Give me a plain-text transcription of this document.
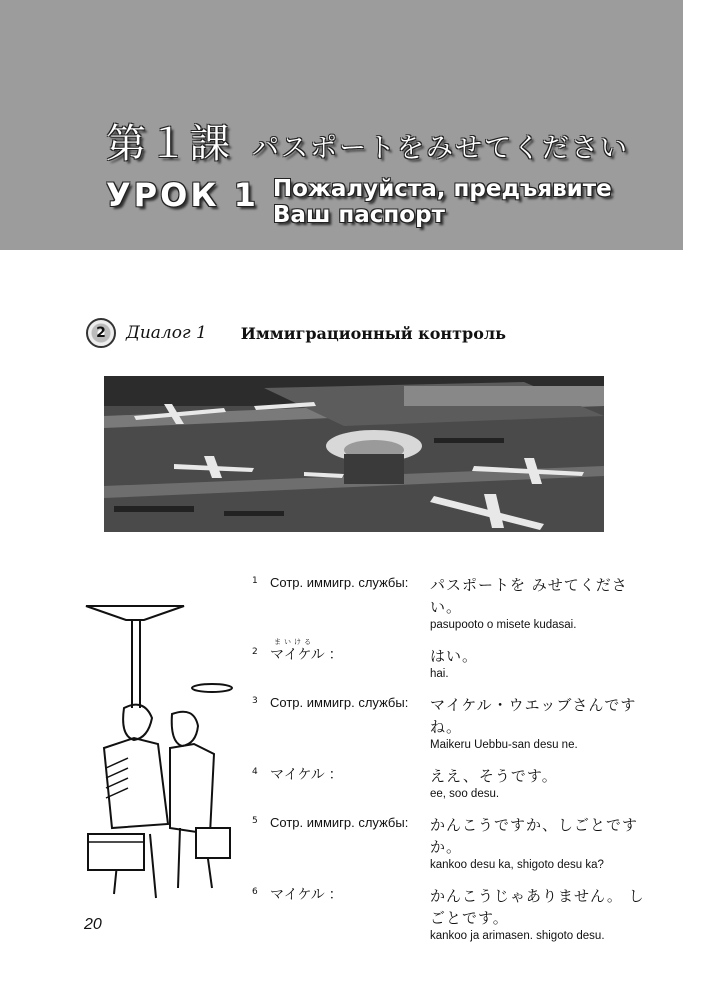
第１課 パスポートをみせてください
УРОК 1 Пожалуйста, предъявите Ваш паспорт
2 Диалог 1 Иммиграционный контроль
1 Сотр. иммигр. службы:	パスポートを みせてください。
pasupooto o misete kudasai.
2
まいける
マイケル ：	はい。
hai.
3 Сотр. иммигр. службы:	マイケル・ウエッブさんです ね。
Maikeru Uebbu-san desu ne.
4 マイケル ：	ええ、そうです。
ee, soo desu.
5 Сотр. иммигр. службы:	かんこうですか、しごとです か。
kankoo desu ka, shigoto desu ka?
6 マイケル ：	かんこうじゃありません。 しごとです。
kankoo ja arimasen. shigoto desu.
20
